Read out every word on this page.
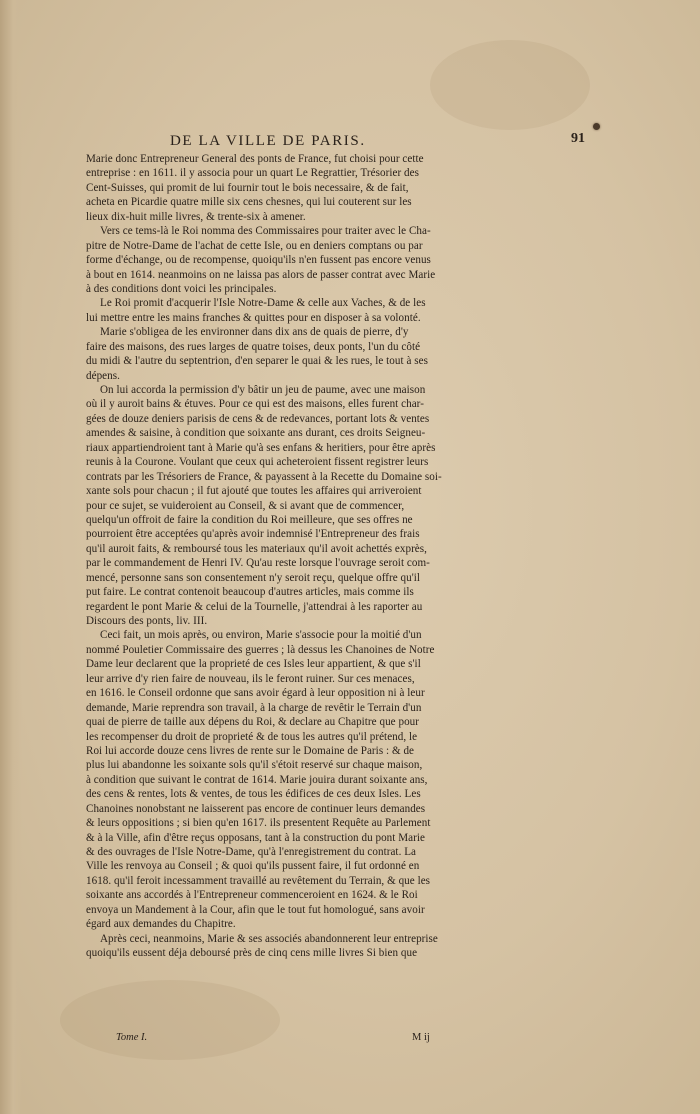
DE LA VILLE DE PARIS.	91
Marie donc Entrepreneur General des ponts de France, fut choisi pour cette
entreprise : en 1611. il y associa pour un quart Le Regrattier, Trésorier des
Cent-Suisses, qui promit de lui fournir tout le bois necessaire, & de fait,
acheta en Picardie quatre mille six cens chesnes, qui lui couterent sur les
lieux dix-huit mille livres, & trente-six à amener.
Vers ce tems-là le Roi nomma des Commissaires pour traiter avec le Cha-
pitre de Notre-Dame de l'achat de cette Isle, ou en deniers comptans ou par
forme d'échange, ou de recompense, quoiqu'ils n'en fussent pas encore venus
à bout en 1614. neanmoins on ne laissa pas alors de passer contrat avec Marie
à des conditions dont voici les principales.
Le Roi promit d'acquerir l'Isle Notre-Dame & celle aux Vaches, & de les
lui mettre entre les mains franches & quittes pour en disposer à sa volonté.
Marie s'obligea de les environner dans dix ans de quais de pierre, d'y
faire des maisons, des rues larges de quatre toises, deux ponts, l'un du côté
du midi & l'autre du septentrion, d'en separer le quai & les rues, le tout à ses
dépens.
On lui accorda la permission d'y bâtir un jeu de paume, avec une maison
où il y auroit bains & étuves. Pour ce qui est des maisons, elles furent char-
gées de douze deniers parisis de cens & de redevances, portant lots & ventes
amendes & saisine, à condition que soixante ans durant, ces droits Seigneu-
riaux appartiendroient tant à Marie qu'à ses enfans & heritiers, pour être après
reunis à la Courone. Voulant que ceux qui acheteroient fissent registrer leurs
contrats par les Trésoriers de France, & payassent à la Recette du Domaine soi-
xante sols pour chacun ; il fut ajouté que toutes les affaires qui arriveroient
pour ce sujet, se vuideroient au Conseil, & si avant que de commencer,
quelqu'un offroit de faire la condition du Roi meilleure, que ses offres ne
pourroient être acceptées qu'après avoir indemnisé l'Entrepreneur des frais
qu'il auroit faits, & remboursé tous les materiaux qu'il avoit achettés exprès,
par le commandement de Henri IV. Qu'au reste lorsque l'ouvrage seroit com-
mencé, personne sans son consentement n'y seroit reçu, quelque offre qu'il
put faire. Le contrat contenoit beaucoup d'autres articles, mais comme ils
regardent le pont Marie & celui de la Tournelle, j'attendrai à les raporter au
Discours des ponts, liv. III.
Ceci fait, un mois après, ou environ, Marie s'associe pour la moitié d'un
nommé Pouletier Commissaire des guerres ; là dessus les Chanoines de Notre
Dame leur declarent que la proprieté de ces Isles leur appartient, & que s'il
leur arrive d'y rien faire de nouveau, ils le feront ruiner. Sur ces menaces,
en 1616. le Conseil ordonne que sans avoir égard à leur opposition ni à leur
demande, Marie reprendra son travail, à la charge de revêtir le Terrain d'un
quai de pierre de taille aux dépens du Roi, & declare au Chapitre que pour
les recompenser du droit de proprieté & de tous les autres qu'il prétend, le
Roi lui accorde douze cens livres de rente sur le Domaine de Paris : & de
plus lui abandonne les soixante sols qu'il s'étoit reservé sur chaque maison,
à condition que suivant le contrat de 1614. Marie jouira durant soixante ans,
des cens & rentes, lots & ventes, de tous les édifices de ces deux Isles. Les
Chanoines nonobstant ne laisserent pas encore de continuer leurs demandes
& leurs oppositions ; si bien qu'en 1617. ils presentent Requête au Parlement
& à la Ville, afin d'être reçus opposans, tant à la construction du pont Marie
& des ouvrages de l'Isle Notre-Dame, qu'à l'enregistrement du contrat. La
Ville les renvoya au Conseil ; & quoi qu'ils pussent faire, il fut ordonné en
1618. qu'il feroit incessamment travaillé au revêtement du Terrain, & que les
soixante ans accordés à l'Entrepreneur commenceroient en 1624. & le Roi
envoya un Mandement à la Cour, afin que le tout fut homologué, sans avoir
égard aux demandes du Chapitre.
Après ceci, neanmoins, Marie & ses associés abandonnerent leur entreprise
quoiqu'ils eussent déja deboursé près de cinq cens mille livres Si bien que
Tome I.	M ij
